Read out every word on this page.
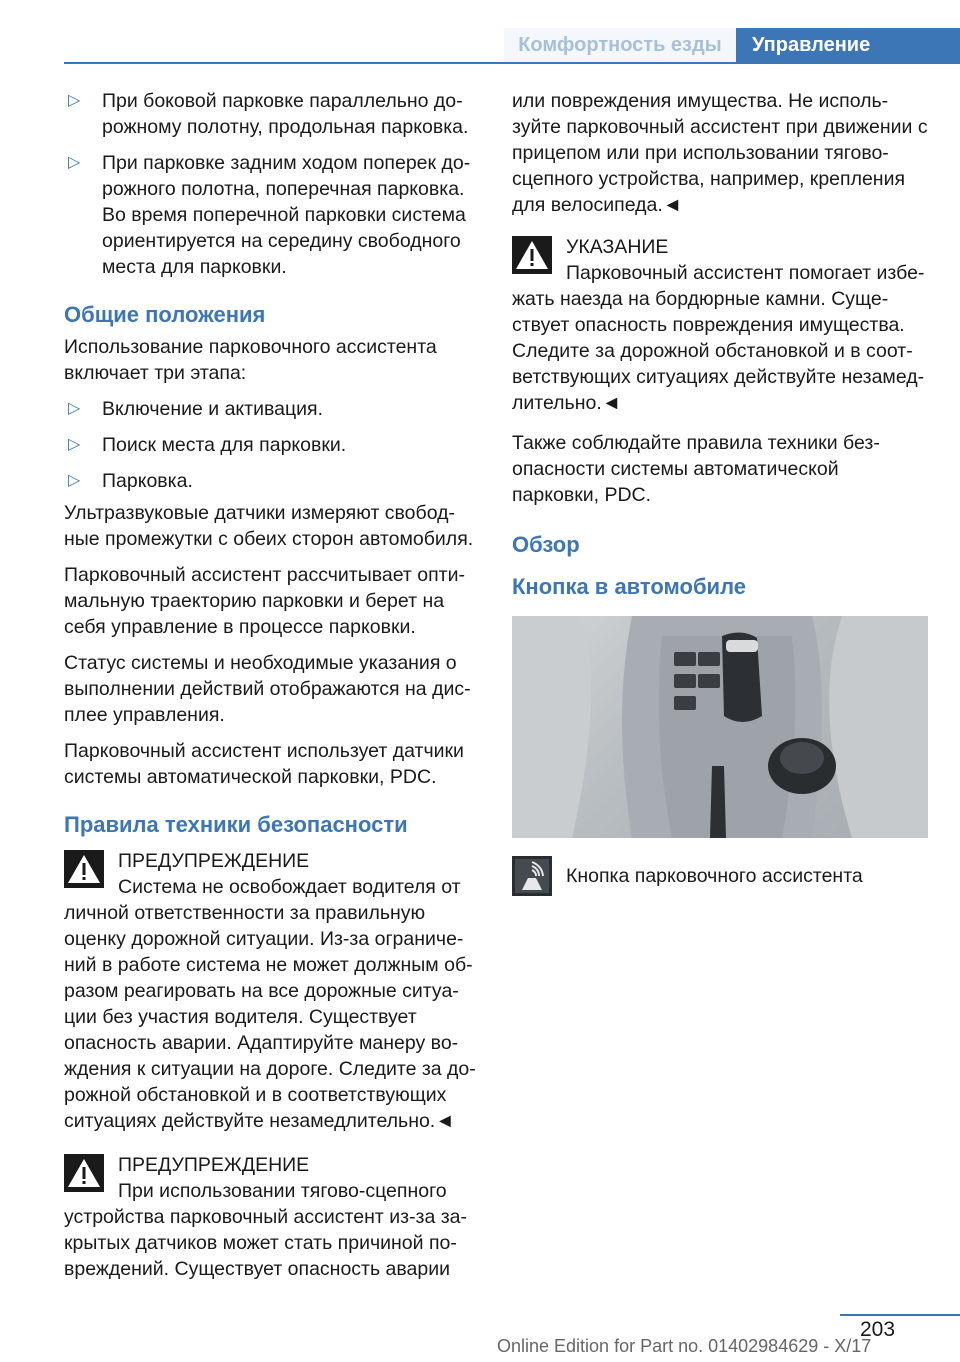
Комфортность езды	Управление
▷	При боковой парковке параллельно до-рожному полотну, продольная парковка.
▷	При парковке задним ходом поперек до-рожного полотна, поперечная парковка. Во время поперечной парковки система ориентируется на середину свободного места для парковки.
Общие положения

Использование парковочного ассистента включает три этапа:

▷	Включение и активация.
▷	Поиск места для парковки.
▷	Парковка.

Ультразвуковые датчики измеряют свобод-ные промежутки с обеих сторон автомобиля.

Парковочный ассистент рассчитывает опти-мальную траекторию парковки и берет на себя управление в процессе парковки.

Статус системы и необходимые указания о выполнении действий отображаются на дис-плее управления.

Парковочный ассистент использует датчики системы автоматической парковки, PDC.

Правила техники безопасности
ПРЕДУПРЕЖДЕНИЕ
Система не освобождает водителя от личной ответственности за правильную оценку дорожной ситуации. Из-за ограниче-ний в работе система не может должным об-разом реагировать на все дорожные ситуа-ции без участия водителя. Существует опасность аварии. Адаптируйте манеру во-ждения к ситуации на дороге. Следите за до-рожной обстановкой и в соответствующих ситуациях действуйте незамедлительно.◄
ПРЕДУПРЕЖДЕНИЕ
При использовании тягово-сцепного устройства парковочный ассистент из-за за-крытых датчиков может стать причиной по-вреждений. Существует опасность аварии

или повреждения имущества. Не исполь-зуйте парковочный ассистент при движении с прицепом или при использовании тягово-сцепного устройства, например, крепления для велосипеда.◄

УКАЗАНИЕ
Парковочный ассистент помогает избе-жать наезда на бордюрные камни. Суще-ствует опасность повреждения имущества. Следите за дорожной обстановкой и в соот-ветствующих ситуациях действуйте незамед-лительно.◄

Также соблюдайте правила техники без-опасности системы автоматической парковки, PDC.

Обзор
Кнопка в автомобиле
Кнопка парковочного ассистента
203
Online Edition for Part no. 01402984629 - X/17
